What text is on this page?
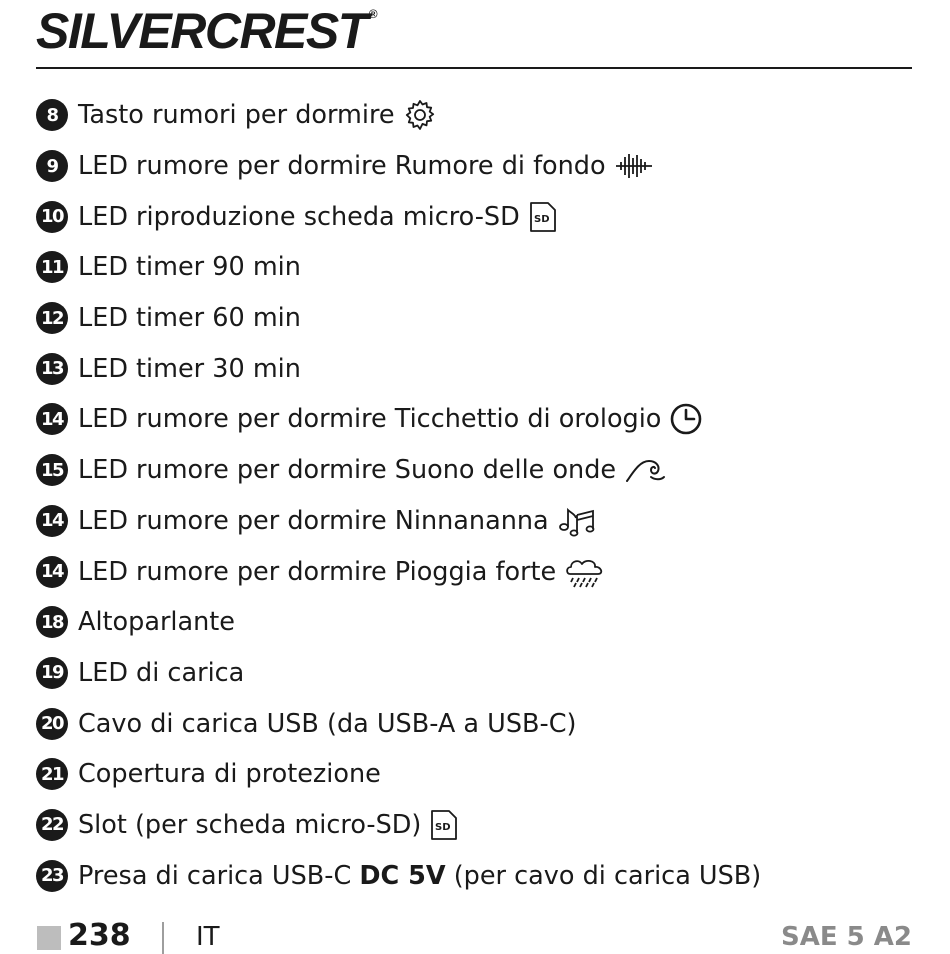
SILVERCREST ®
8 Tasto rumori per dormire
9 LED rumore per dormire Rumore di fondo
10 LED riproduzione scheda micro-SD SD
11 LED timer 90 min
12 LED timer 60 min
13 LED timer 30 min
14 LED rumore per dormire Ticchettio di orologio
15 LED rumore per dormire Suono delle onde
14 LED rumore per dormire Ninnananna
14 LED rumore per dormire Pioggia forte
18 Altoparlante
19 LED di carica
20 Cavo di carica USB (da USB-A a USB-C)
21 Copertura di protezione
22 Slot (per scheda micro-SD) SD
23 Presa di carica USB-C DC 5V (per cavo di carica USB)
238	IT	SAE 5 A2
